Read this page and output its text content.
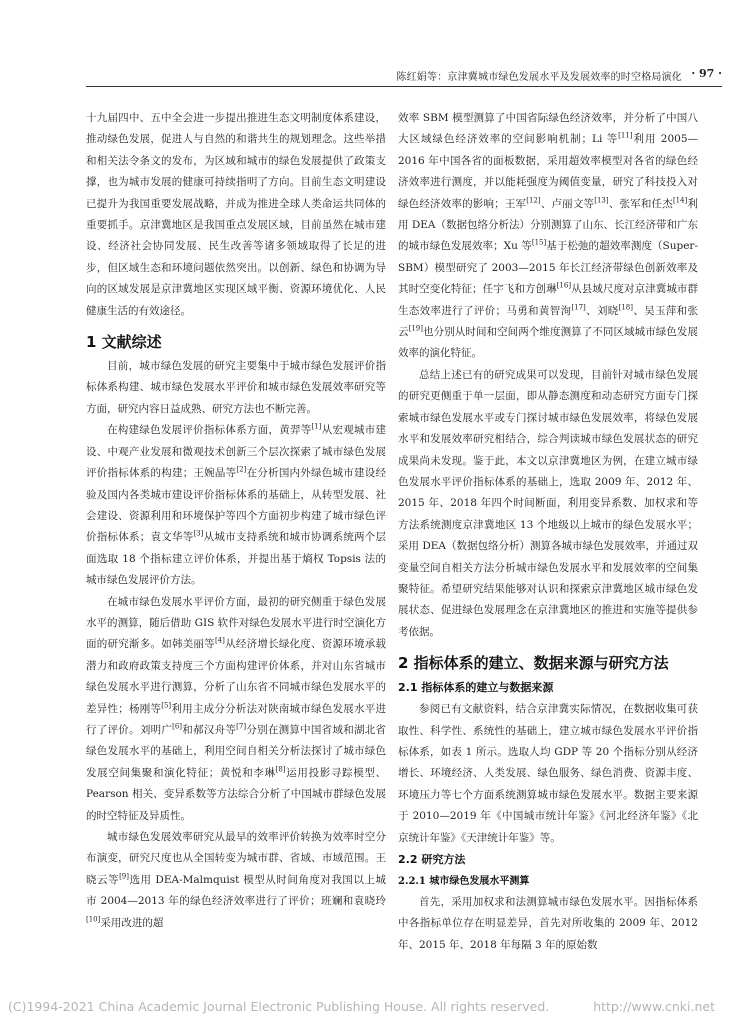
陈红娟等：京津冀城市绿色发展水平及发展效率的时空格局演化 · 97 ·

十九届四中、五中全会进一步提出推进生态文明制度体系建设，推动绿色发展，促进人与自然的和谐共生的规划理念。这些举措和相关法令条文的发布，为区域和城市的绿色发展提供了政策支撑，也为城市发展的健康可持续指明了方向。目前生态文明建设已提升为我国重要发展战略，并成为推进全球人类命运共同体的重要抓手。京津冀地区是我国重点发展区域，目前虽然在城市建设、经济社会协同发展、民生改善等诸多领域取得了长足的进步，但区域生态和环境问题依然突出。以创新、绿色和协调为导向的区域发展是京津冀地区实现区域平衡、资源环境优化、人民健康生活的有效途径。

1 文献综述

目前，城市绿色发展的研究主要集中于城市绿色发展评价指标体系构建、城市绿色发展水平评价和城市绿色发展效率研究等方面，研究内容日益成熟、研究方法也不断完善。

在构建绿色发展评价指标体系方面，黄羿等[1]从宏观城市建设、中观产业发展和微观技术创新三个层次探索了城市绿色发展评价指标体系的构建；王婉晶等[2]在分析国内外绿色城市建设经验及国内各类城市建设评价指标体系的基础上，从转型发展、社会建设、资源利用和环境保护等四个方面初步构建了城市绿色评价指标体系；袁文华等[3]从城市支持系统和城市协调系统两个层面选取 18 个指标建立评价体系，并提出基于熵权 Topsis 法的城市绿色发展评价方法。

在城市绿色发展水平评价方面，最初的研究侧重于绿色发展水平的测算，随后借助 GIS 软件对绿色发展水平进行时空演化方面的研究渐多。如韩美丽等[4]从经济增长绿化度、资源环境承载潜力和政府政策支持度三个方面构建评价体系，并对山东省城市绿色发展水平进行测算，分析了山东省不同城市绿色发展水平的差异性；杨刚等[5]利用主成分分析法对陕南城市绿色发展水平进行了评价。刘明广[6]和郝汉舟等[7]分别在测算中国省域和湖北省绿色发展水平的基础上，利用空间自相关分析法探讨了城市绿色发展空间集聚和演化特征；黄悦和李琳[8]运用投影寻踪模型、Pearson 相关、变异系数等方法综合分析了中国城市群绿色发展的时空特征及异质性。

城市绿色发展效率研究从最早的效率评价转换为效率时空分布演变，研究尺度也从全国转变为城市群、省域、市域范围。王晓云等[9]选用 DEA-Malmquist 模型从时间角度对我国以上城市 2004—2013 年的绿色经济效率进行了评价；班斓和袁晓玲[10]采用改进的超

效率 SBM 模型测算了中国省际绿色经济效率，并分析了中国八大区域绿色经济效率的空间影响机制；Li 等[11]利用 2005—2016 年中国各省的面板数据，采用超效率模型对各省的绿色经济效率进行测度，并以能耗强度为阈值变量，研究了科技投入对绿色经济效率的影响；王军[12]、卢丽文等[13]、张军和任杰[14]利用 DEA（数据包络分析法）分别测算了山东、长江经济带和广东的城市绿色发展效率；Xu 等[15]基于松弛的超效率测度（Super-SBM）模型研究了 2003—2015 年长江经济带绿色创新效率及其时空变化特征；任宇飞和方创琳[16]从县域尺度对京津冀城市群生态效率进行了评价；马勇和黄智洵[17]、刘晓[18]、吴玉萍和张云[19]也分别从时间和空间两个维度测算了不同区域城市绿色发展效率的演化特征。

总结上述已有的研究成果可以发现，目前针对城市绿色发展的研究更侧重于单一层面，即从静态测度和动态研究方面专门探索城市绿色发展水平或专门探讨城市绿色发展效率，将绿色发展水平和发展效率研究相结合，综合判读城市绿色发展状态的研究成果尚未发现。鉴于此，本文以京津冀地区为例，在建立城市绿色发展水平评价指标体系的基础上，选取 2009 年、2012 年、2015 年、2018 年四个时间断面，利用变异系数、加权求和等方法系统测度京津冀地区 13 个地级以上城市的绿色发展水平；采用 DEA（数据包络分析）测算各城市绿色发展效率，并通过双变量空间自相关方法分析城市绿色发展水平和发展效率的空间集聚特征。希望研究结果能够对认识和探索京津冀地区城市绿色发展状态、促进绿色发展理念在京津冀地区的推进和实施等提供参考依据。

2 指标体系的建立、数据来源与研究方法
2.1 指标体系的建立与数据来源

参阅已有文献资料，结合京津冀实际情况，在数据收集可获取性、科学性、系统性的基础上，建立城市绿色发展水平评价指标体系，如表 1 所示。选取人均 GDP 等 20 个指标分别从经济增长、环境经济、人类发展、绿色服务、绿色消费、资源丰度、环境压力等七个方面系统测算城市绿色发展水平。数据主要来源于 2010—2019 年《中国城市统计年鉴》《河北经济年鉴》《北京统计年鉴》《天津统计年鉴》等。

2.2 研究方法
2.2.1 城市绿色发展水平测算

首先，采用加权求和法测算城市绿色发展水平。因指标体系中各指标单位存在明显差异，首先对所收集的 2009 年、2012 年、2015 年、2018 年每隔 3 年的原始数

(C)1994-2021 China Academic Journal Electronic Publishing House. All rights reserved.	http://www.cnki.net
